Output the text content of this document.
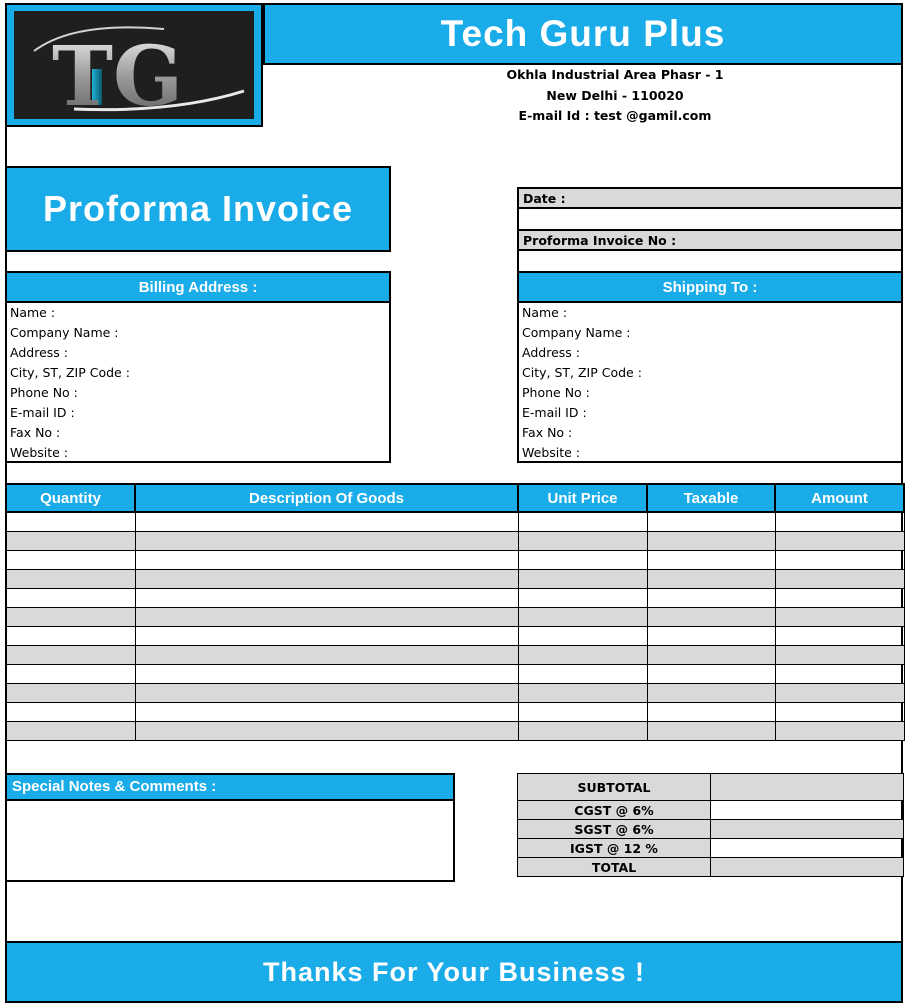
TG	Tech Guru Plus
Okhla Industrial Area Phasr - 1
New Delhi - 110020
E-mail Id : test @gamil.com
Proforma Invoice	Date :
Proforma Invoice No :
Billing Address :
Name :
Company Name :
Address :
City, ST, ZIP Code :
Phone No :
E-mail ID :
Fax No :
Website :
Shipping To :
Name :
Company Name :
Address :
City, ST, ZIP Code :
Phone No :
E-mail ID :
Fax No :
Website :
Quantity	Description Of Goods	Unit Price	Taxable	Amount

Special Notes & Comments :	SUBTOTAL	
CGST @ 6%	
SGST @ 6%	
IGST @ 12 %	
TOTAL	
Thanks For Your Business !
